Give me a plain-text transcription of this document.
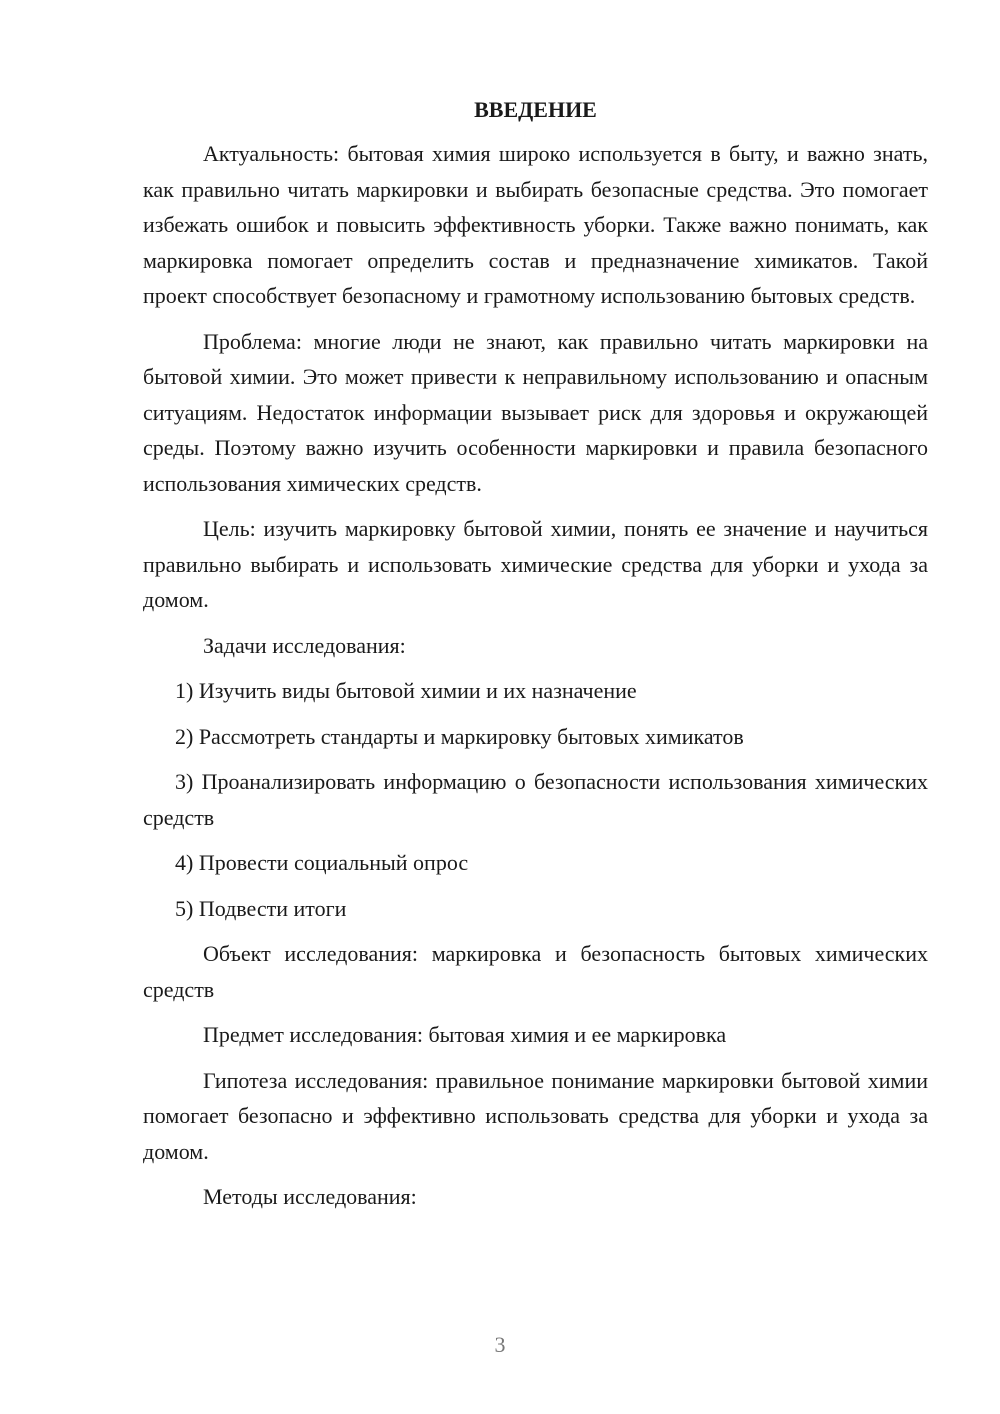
ВВЕДЕНИЕ

Актуальность: бытовая химия широко используется в быту, и важно знать, как правильно читать маркировки и выбирать безопасные средства. Это помогает избежать ошибок и повысить эффективность уборки. Также важно понимать, как маркировка помогает определить состав и предназначение химикатов. Такой проект способствует безопасному и грамотному использованию бытовых средств.

Проблема: многие люди не знают, как правильно читать маркировки на бытовой химии. Это может привести к неправильному использованию и опасным ситуациям. Недостаток информации вызывает риск для здоровья и окружающей среды. Поэтому важно изучить особенности маркировки и правила безопасного использования химических средств.

Цель: изучить маркировку бытовой химии, понять ее значение и научиться правильно выбирать и использовать химические средства для уборки и ухода за домом.

Задачи исследования:

1) Изучить виды бытовой химии и их назначение

2) Рассмотреть стандарты и маркировку бытовых химикатов

3) Проанализировать информацию о безопасности использования химических средств

4) Провести социальный опрос

5) Подвести итоги

Объект исследования: маркировка и безопасность бытовых химических средств

Предмет исследования: бытовая химия и ее маркировка

Гипотеза исследования: правильное понимание маркировки бытовой химии помогает безопасно и эффективно использовать средства для уборки и ухода за домом.

Методы исследования:

3
